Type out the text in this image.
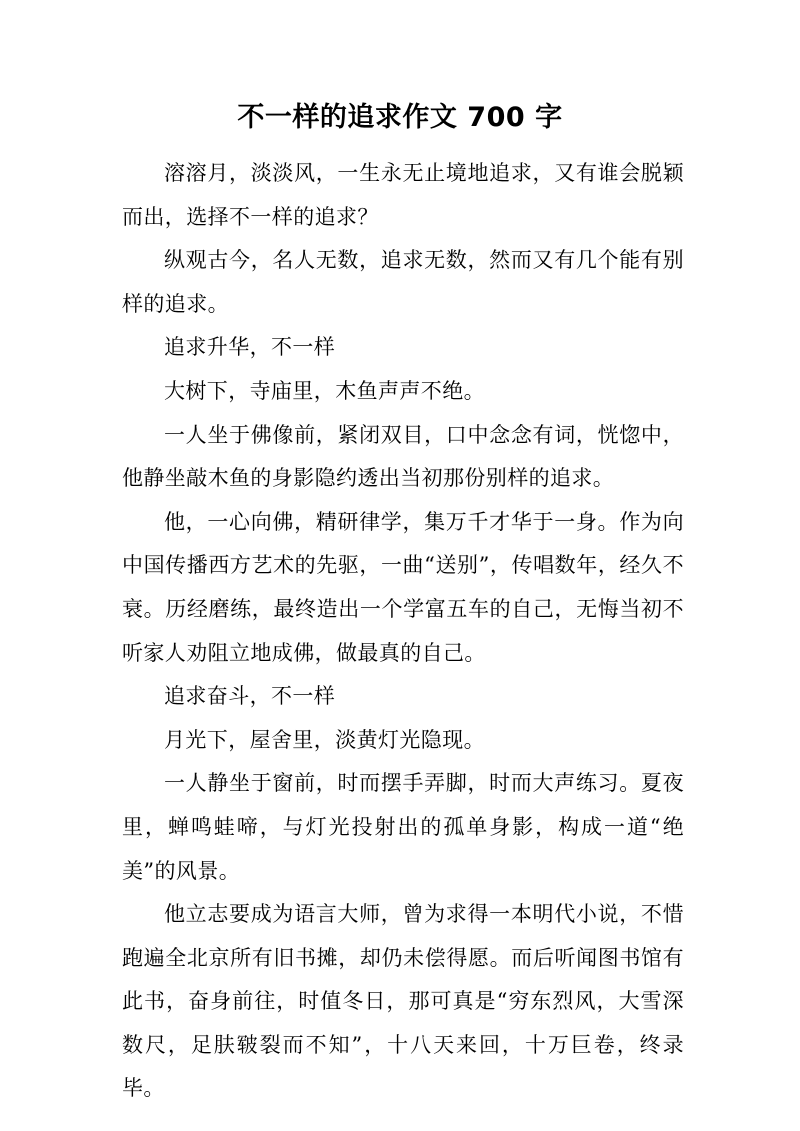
不一样的追求作文 700 字

溶溶月，淡淡风，一生永无止境地追求，又有谁会脱颖而出，选择不一样的追求？

纵观古今，名人无数，追求无数，然而又有几个能有别样的追求。

追求升华，不一样

大树下，寺庙里，木鱼声声不绝。

一人坐于佛像前，紧闭双目，口中念念有词，恍惚中，他静坐敲木鱼的身影隐约透出当初那份别样的追求。

他，一心向佛，精研律学，集万千才华于一身。作为向中国传播西方艺术的先驱，一曲“送别”，传唱数年，经久不衰。历经磨练，最终造出一个学富五车的自己，无悔当初不听家人劝阻立地成佛，做最真的自己。

追求奋斗，不一样

月光下，屋舍里，淡黄灯光隐现。

一人静坐于窗前，时而摆手弄脚，时而大声练习。夏夜里，蝉鸣蛙啼，与灯光投射出的孤单身影，构成一道“绝美”的风景。

他立志要成为语言大师，曾为求得一本明代小说，不惜跑遍全北京所有旧书摊，却仍未偿得愿。而后听闻图书馆有此书，奋身前往，时值冬日，那可真是“穷东烈风，大雪深数尺，足肤皲裂而不知”，十八天来回，十万巨卷，终录毕。
